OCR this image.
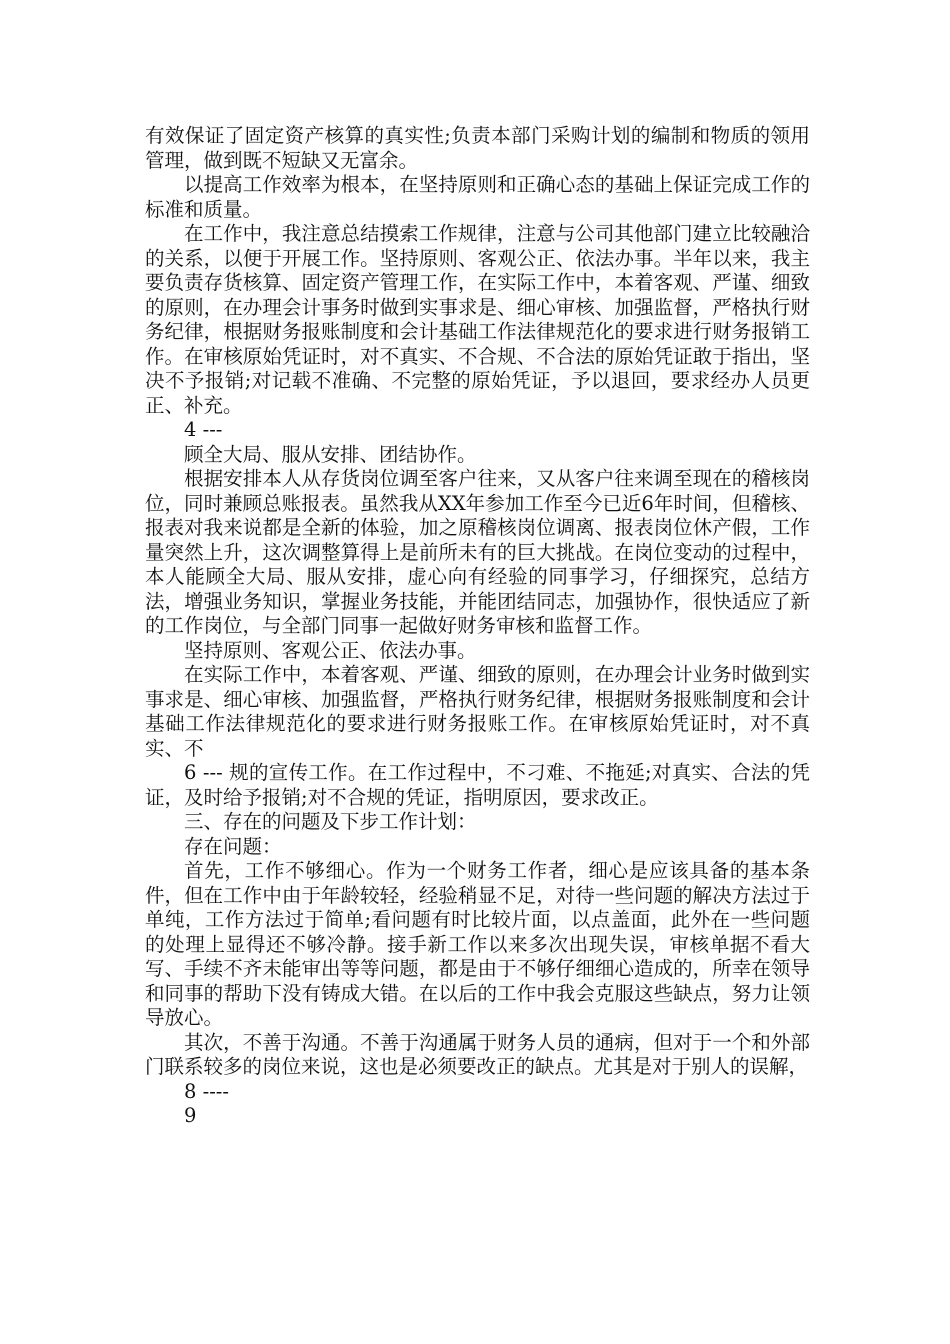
有效保证了固定资产核算的真实性;负责本部门采购计划的编制和物质的领用管理，做到既不短缺又无富余。

以提高工作效率为根本，在坚持原则和正确心态的基础上保证完成工作的标准和质量。

在工作中，我注意总结摸索工作规律，注意与公司其他部门建立比较融洽的关系，以便于开展工作。坚持原则、客观公正、依法办事。半年以来，我主要负责存货核算、固定资产管理工作，在实际工作中，本着客观、严谨、细致的原则，在办理会计事务时做到实事求是、细心审核、加强监督，严格执行财务纪律，根据财务报账制度和会计基础工作法律规范化的要求进行财务报销工作。在审核原始凭证时，对不真实、不合规、不合法的原始凭证敢于指出，坚决不予报销;对记载不准确、不完整的原始凭证，予以退回，要求经办人员更正、补充。

4 ---

顾全大局、服从安排、团结协作。

根据安排本人从存货岗位调至客户往来，又从客户往来调至现在的稽核岗位，同时兼顾总账报表。虽然我从XX年参加工作至今已近6年时间，但稽核、报表对我来说都是全新的体验，加之原稽核岗位调离、报表岗位休产假，工作量突然上升，这次调整算得上是前所未有的巨大挑战。在岗位变动的过程中，本人能顾全大局、服从安排，虚心向有经验的同事学习，仔细探究，总结方法，增强业务知识，掌握业务技能，并能团结同志，加强协作，很快适应了新的工作岗位，与全部门同事一起做好财务审核和监督工作。

坚持原则、客观公正、依法办事。

在实际工作中，本着客观、严谨、细致的原则，在办理会计业务时做到实事求是、细心审核、加强监督，严格执行财务纪律，根据财务报账制度和会计基础工作法律规范化的要求进行财务报账工作。在审核原始凭证时，对不真实、不

6 --- 规的宣传工作。在工作过程中，不刁难、不拖延;对真实、合法的凭证，及时给予报销;对不合规的凭证，指明原因，要求改正。

三、存在的问题及下步工作计划：

存在问题：

首先，工作不够细心。作为一个财务工作者，细心是应该具备的基本条件，但在工作中由于年龄较轻，经验稍显不足，对待一些问题的解决方法过于单纯，工作方法过于简单;看问题有时比较片面，以点盖面，此外在一些问题的处理上显得还不够冷静。接手新工作以来多次出现失误，审核单据不看大写、手续不齐未能审出等等问题，都是由于不够仔细细心造成的，所幸在领导和同事的帮助下没有铸成大错。在以后的工作中我会克服这些缺点，努力让领导放心。

其次，不善于沟通。不善于沟通属于财务人员的通病，但对于一个和外部门联系较多的岗位来说，这也是必须要改正的缺点。尤其是对于别人的误解，

8 ----

9
